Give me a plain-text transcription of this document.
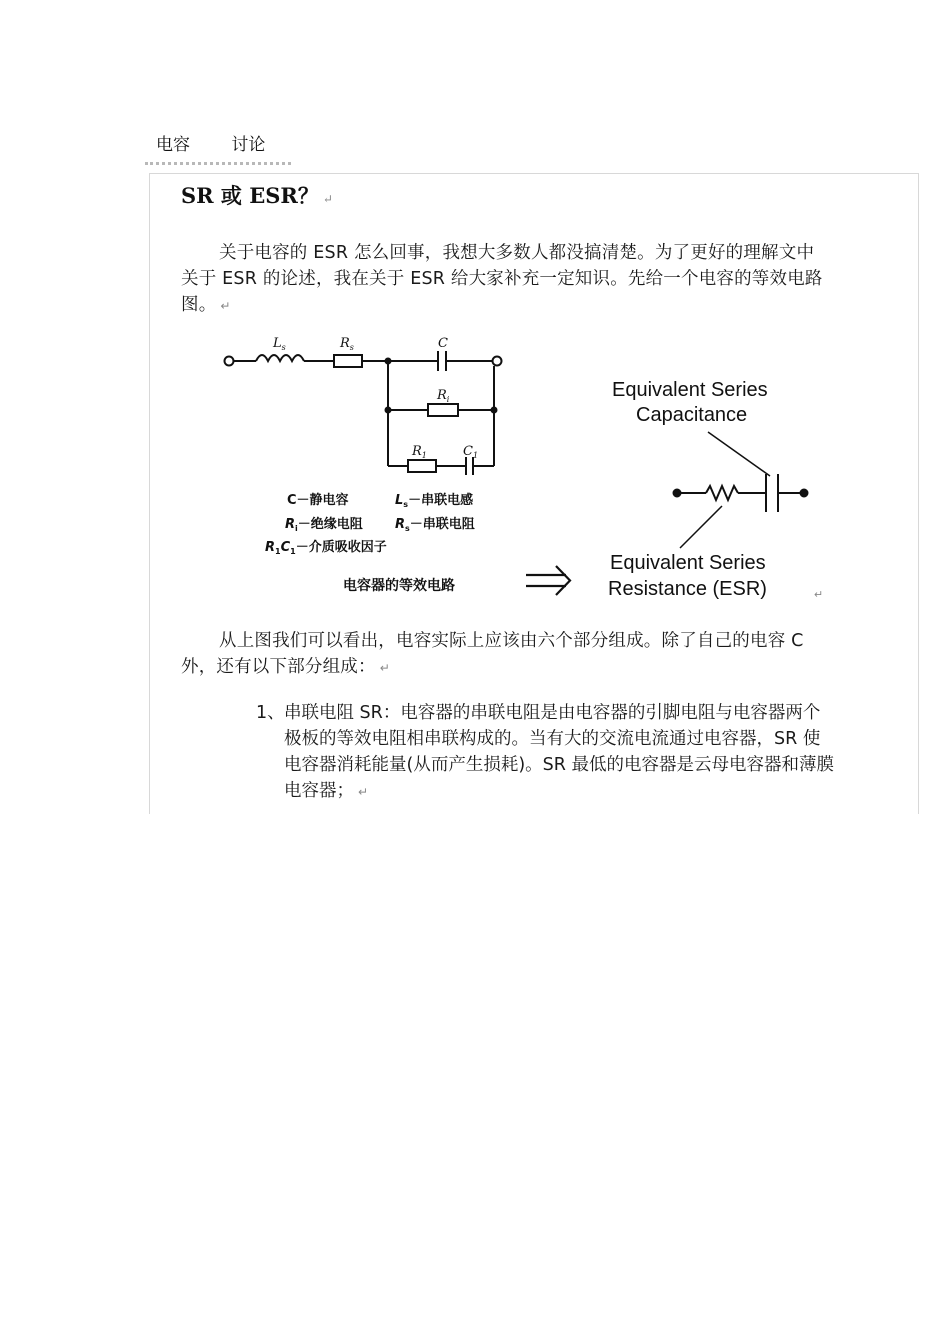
电容 讨论
SR 或 ESR？ ↵
关于电容的 ESR 怎么回事，我想大多数人都没搞清楚。为了更好的理解文中关于 ESR 的论述，我在关于 ESR 给大家补充一定知识。先给一个电容的等效电路图。 ↵
$L_s$	$R_s$	C
$R_i$
$R_1$	$C_1$
C－静电容	$L_s-$串联电感
$R_i-$绝缘电阻 $R_s-$串联电阻
$R_1C_1-$介质吸收因子
电容器的等效电路
Equivalent Series
Capacitance
Equivalent Series
Resistance (ESR)	↵
从上图我们可以看出，电容实际上应该由六个部分组成。除了自己的电容 C 外，还有以下部分组成： ↵
1、 串联电阻 SR：电容器的串联电阻是由电容器的引脚电阻与电容器两个极板的等效电阻相串联构成的。当有大的交流电流通过电容器，SR 使电容器消耗能量(从而产生损耗)。SR 最低的电容器是云母电容器和薄膜电容器； ↵
